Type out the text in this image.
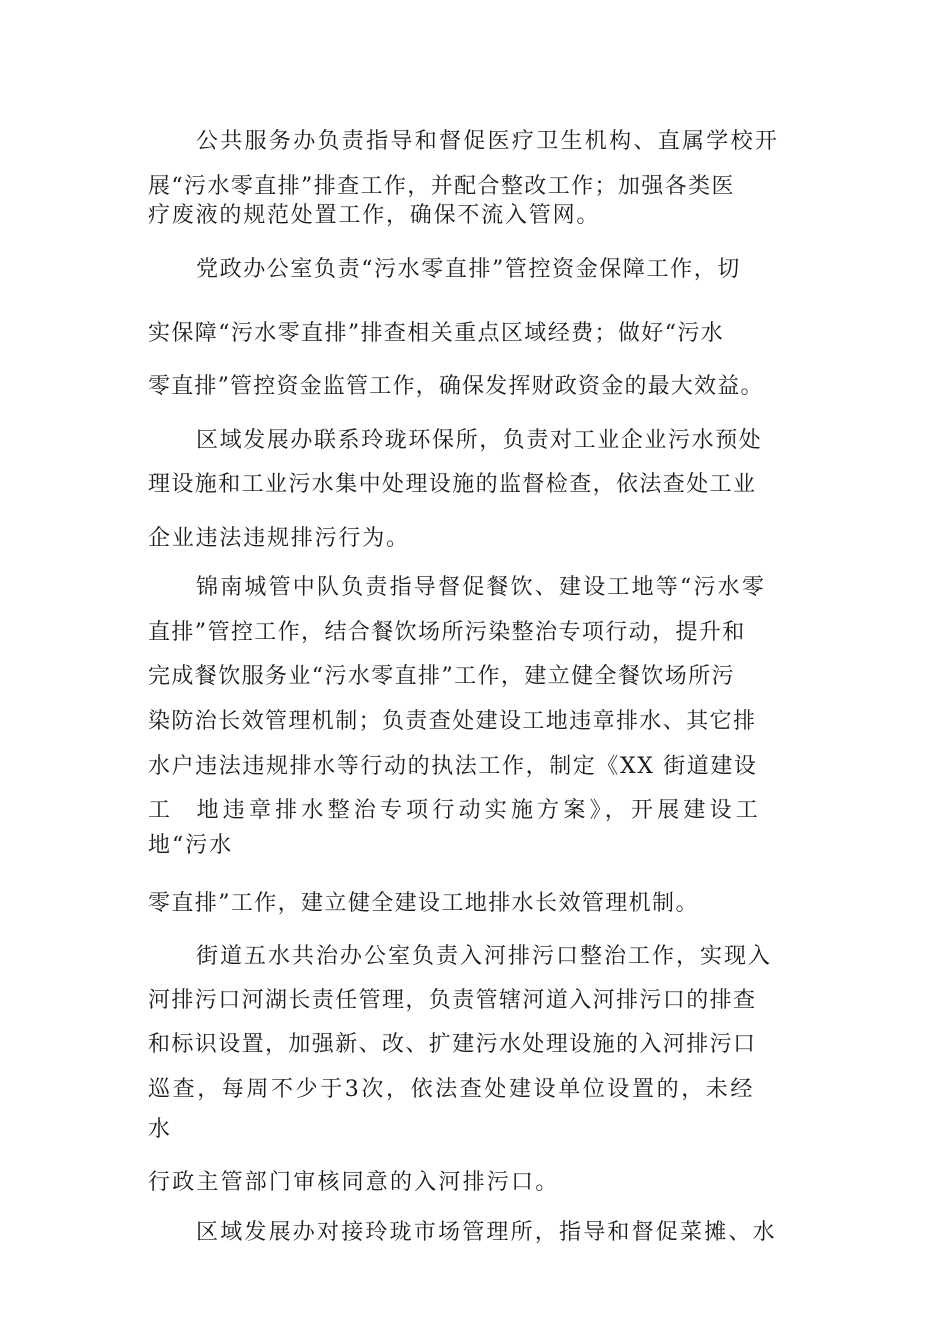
公共服务办负责指导和督促医疗卫生机构、直属学校开
展“污水零直排”排查工作，并配合整改工作；加强各类医
疗废液的规范处置工作，确保不流入管网。
党政办公室负责“污水零直排”管控资金保障工作，切
实保障“污水零直排”排查相关重点区域经费；做好“污水
零直排”管控资金监管工作，确保发挥财政资金的最大效益。
区域发展办联系玲珑环保所，负责对工业企业污水预处
理设施和工业污水集中处理设施的监督检查，依法查处工业
企业违法违规排污行为。
锦南城管中队负责指导督促餐饮、建设工地等“污水零
直排”管控工作，结合餐饮场所污染整治专项行动，提升和
完成餐饮服务业“污水零直排”工作，建立健全餐饮场所污
染防治长效管理机制；负责查处建设工地违章排水、其它排
水户违法违规排水等行动的执法工作，制定《XX 街道建设
工  地违章排水整治专项行动实施方案》，开展建设工
地“污水
零直排”工作，建立健全建设工地排水长效管理机制。
街道五水共治办公室负责入河排污口整治工作，实现入
河排污口河湖长责任管理，负责管辖河道入河排污口的排查
和标识设置，加强新、改、扩建污水处理设施的入河排污口
巡查，每周不少于3次，依法查处建设单位设置的，未经
水
行政主管部门审核同意的入河排污口。
区域发展办对接玲珑市场管理所，指导和督促菜摊、水
